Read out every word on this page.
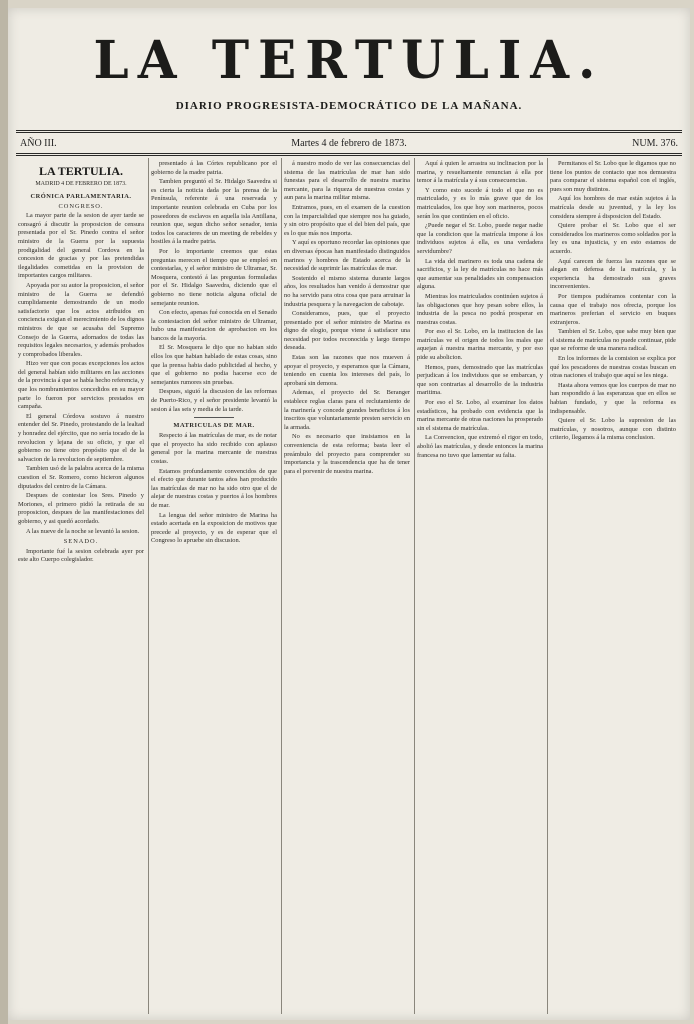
LA TERTULIA.
DIARIO PROGRESISTA-DEMOCRÁTICO DE LA MAÑANA.
AÑO III.	Martes 4 de febrero de 1873.	NUM. 376.
LA TERTULIA.
MADRID 4 DE FEBRERO DE 1873.
CRÓNICA PARLAMENTARIA.
CONGRESO.

La mayor parte de la sesion de ayer tarde se consagró á discutir la proposicion de censura presentada por el Sr. Pinedo contra el señor ministro de la Guerra por la supuesta prodigalidad del general Cordova en la concesion de gracias y por las pretendidas ilegalidades cometidas en la provision de importantes cargos militares.

Apoyada por su autor la proposicion, el señor ministro de la Guerra se defendió cumplidamente demostrando de un modo satisfactorio que los actos atribuidos en conciencia exigian el merecimiento de los dignos ministros de que se acusaba del Supremo Consejo de la Guerra, adornados de todas las requisitos legales necesarios, y además probados y comprobados liberales.

Hizo ver que con pocas excepciones los actos del general habían sido militares en las acciones de la provincia á que se había hecho referencia, y que los nombramientos concedidos en su mayor parte lo fueron por servicios prestados en campaña.

El general Córdova sostuvo á nuestro entender del Sr. Pinedo, protestando de la lealtad y honradez del ejército, que no sería tocado de la revolucion y lejana de su oficio, y que el gobierno no tiene otro propósito que el de la salvacion de la revolucion de septiembre.

Tambien usó de la palabra acerca de la misma cuestion el Sr. Romero, como hicieron algunos diputados del centro de la Cámara.

Despues de contestar los Sres. Pinedo y Moriones, el primero pidió la retirada de su proposicion, despues de las manifestaciones del gobierno, y asi quedó acordado.

A las nueve de la noche se levantó la sesion.

SENADO.

Importante fué la sesion celebrada ayer por este alto Cuerpo colegislador.

presentado á las Córtes republicano por el gobierno de la madre patria.

Tambien preguntó el Sr. Hidalgo Saavedra si es cierta la noticia dada por la prensa de la Península, referente á una reservada y importante reunion celebrada en Cuba por los poseedores de esclavos en aquella isla Antillana, reunion que, segun dicho señor senador, tenia todos los caracteres de un meeting de rebeldes y hostiles á la madre patria.

Por lo importante creemos que estas preguntas merecen el tiempo que se empleó en contestarlas, y el señor ministro de Ultramar, Sr. Mosquera, contestó á las preguntas formuladas por el Sr. Hidalgo Saavedra, diciendo que el gobierno no tiene noticia alguna oficial de semejante reunion.

Con efecto, apenas fué conocida en el Senado la contestacion del señor ministro de Ultramar, hubo una manifestacion de aprobacion en los bancos de la mayoría.

El Sr. Mosquera le dijo que no habian sido ellos los que habian hablado de estas cosas, sino que la prensa habia dado publicidad al hecho, y que el gobierno no podia hacerse eco de semejantes rumores sin pruebas.

Despues, siguió la discusion de las reformas de Puerto-Rico, y el señor presidente levantó la sesion á las seis y media de la tarde.

MATRICULAS DE MAR.

Respecto á las matrículas de mar, es de notar que el proyecto ha sido recibido con aplauso general por la marina mercante de nuestras costas.

Estamos profundamente convencidos de que el efecto que durante tantos años han producido las matrículas de mar no ha sido otro que el de alejar de nuestras costas y puertos á los hombres de mar.

La lengua del señor ministro de Marina ha estado acertada en la exposicion de motivos que precede al proyecto, y es de esperar que el Congreso lo apruebe sin discusion.

á nuestro modo de ver las consecuencias del sistema de las matrículas de mar han sido funestas para el desarrollo de nuestra marina mercante, para la riqueza de nuestras costas y aun para la marina militar misma.

Entramos, pues, en el examen de la cuestion con la imparcialidad que siempre nos ha guiado, y sin otro propósito que el del bien del país, que es lo que más nos importa.

Y aquí es oportuno recordar las opiniones que en diversas épocas han manifestado distinguidos marinos y hombres de Estado acerca de la necesidad de suprimir las matrículas de mar.

Sostenido el mismo sistema durante largos años, los resultados han venido á demostrar que no ha servido para otra cosa que para arruinar la industria pesquera y la navegacion de cabotaje.

Consideramos, pues, que el proyecto presentado por el señor ministro de Marina es digno de elogio, porque viene á satisfacer una necesidad por todos reconocida y largo tiempo deseada.

Estas son las razones que nos mueven á apoyar el proyecto, y esperamos que la Cámara, teniendo en cuenta los intereses del país, lo aprobará sin demora.

Ademas, el proyecto del Sr. Beranger establece reglas claras para el reclutamiento de la marinería y concede grandes beneficios á los inscritos que voluntariamente presten servicio en la armada.

No es necesario que insistamos en la conveniencia de esta reforma; basta leer el preámbulo del proyecto para comprender su importancia y la trascendencia que ha de tener para el porvenir de nuestra marina.

Aquí á quien le arrastra su inclinacion por la marina, y resueltamente renuncian á ella por temor á la matrícula y á sus consecuencias.

Y como esto sucede á todo el que no es matriculado, y es lo más grave que de los matriculados, los que hoy son marineros, pocos serán los que continúen en el oficio.

¿Puede negar el Sr. Lobo, puede negar nadie que la condicion que la matrícula impone á los individuos sujetos á ella, es una verdadera servidumbre?

La vida del marinero es toda una cadena de sacrificios, y la ley de matrículas no hace más que aumentar sus penalidades sin compensacion alguna.

Mientras los matriculados continúen sujetos á las obligaciones que hoy pesan sobre ellos, la industria de la pesca no podrá prosperar en nuestras costas.

Por eso el Sr. Lobo, en la institucion de las matrículas ve el origen de todos los males que aquejan á nuestra marina mercante, y por eso pide su abolicion.

Hemos, pues, demostrado que las matrículas perjudican á los individuos que se embarcan, y que son contrarias al desarrollo de la industria maritima.

Por eso el Sr. Lobo, al examinar los datos estadísticos, ha probado con evidencia que la marina mercante de otras naciones ha prosperado sin el sistema de matrículas.

La Convencion, que extremó el rigor en todo, abolió las matrículas, y desde entonces la marina francesa no tuvo que lamentar su falta.

Permitanos el Sr. Lobo que le digamos que no tiene los puntos de contacto que nos demuestra para comparar el sistema español con el inglés, pues son muy distintos.

Aquí los hombres de mar están sujetos á la matrícula desde su juventud, y la ley los considera siempre á disposicion del Estado.

Quiere probar el Sr. Lobo que el ser considerados los marineros como soldados por la ley es una injusticia, y en esto estamos de acuerdo.

Aquí carecen de fuerza las razones que se alegan en defensa de la matrícula, y la experiencia ha demostrado sus graves inconvenientes.

Por tiempos pudiéramos contentar con la causa que el trabajo nos ofrecia, porque los marineros preferian el servicio en buques extranjeros.

Tambien el Sr. Lobo, que sabe muy bien que el sistema de matrículas no puede continuar, pide que se reforme de una manera radical.

En los informes de la comision se explica por qué los pescadores de nuestras costas buscan en otras naciones el trabajo que aquí se les niega.

Hasta ahora vemos que los cuerpos de mar no han respondido á las esperanzas que en ellos se habian fundado, y que la reforma es indispensable.

Quiere el Sr. Lobo la supresion de las matrículas, y nosotros, aunque con distinto criterio, llegamos á la misma conclusion.
